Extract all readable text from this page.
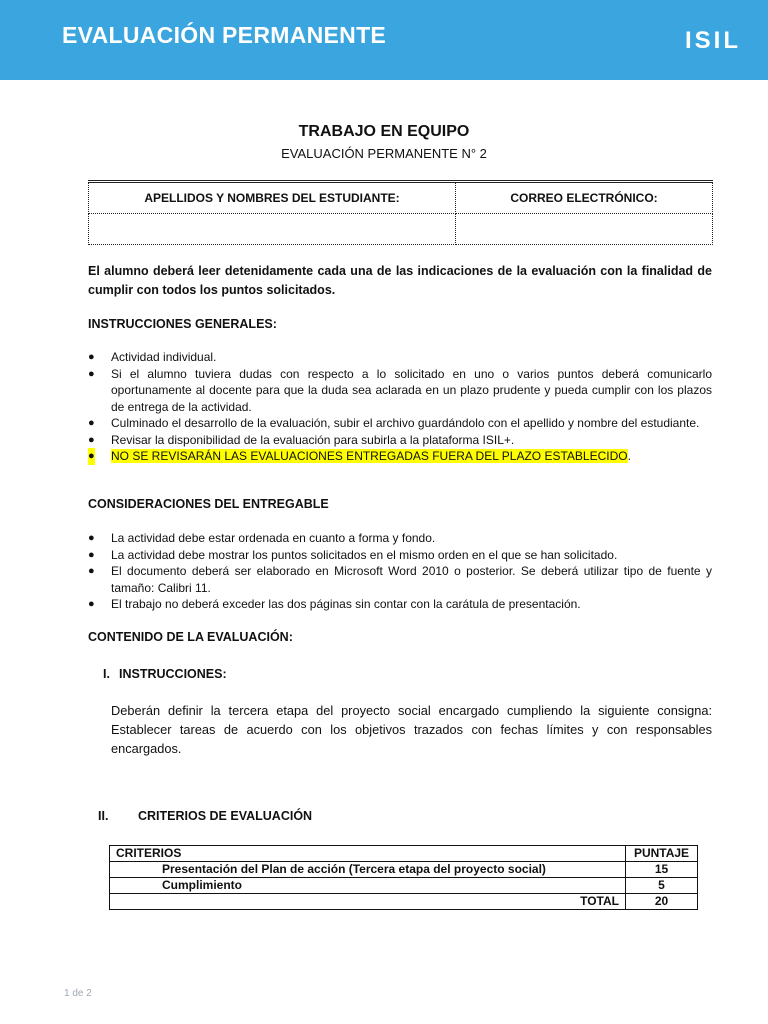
EVALUACIÓN PERMANENTE	ISIL
TRABAJO EN EQUIPO
EVALUACIÓN PERMANENTE N° 2
APELLIDOS Y NOMBRES DEL ESTUDIANTE:	CORREO ELECTRÓNICO:

El alumno deberá leer detenidamente cada una de las indicaciones de la evaluación con la finalidad de cumplir con todos los puntos solicitados.
INSTRUCCIONES GENERALES:
● Actividad individual.
● Si el alumno tuviera dudas con respecto a lo solicitado en uno o varios puntos deberá comunicarlo oportunamente al docente para que la duda sea aclarada en un plazo prudente y pueda cumplir con los plazos de entrega de la actividad.
● Culminado el desarrollo de la evaluación, subir el archivo guardándolo con el apellido y nombre del estudiante.
● Revisar la disponibilidad de la evaluación para subirla a la plataforma ISIL+.
● NO SE REVISARÁN LAS EVALUACIONES ENTREGADAS FUERA DEL PLAZO ESTABLECIDO.
CONSIDERACIONES DEL ENTREGABLE
● La actividad debe estar ordenada en cuanto a forma y fondo.
● La actividad debe mostrar los puntos solicitados en el mismo orden en el que se han solicitado.
● El documento deberá ser elaborado en Microsoft Word 2010 o posterior. Se deberá utilizar tipo de fuente y tamaño: Calibri 11.
● El trabajo no deberá exceder las dos páginas sin contar con la carátula de presentación.
CONTENIDO DE LA EVALUACIÓN:
I. INSTRUCCIONES:
Deberán definir la tercera etapa del proyecto social encargado cumpliendo la siguiente consigna: Establecer tareas de acuerdo con los objetivos trazados con fechas límites y con responsables encargados.
II. CRITERIOS DE EVALUACIÓN
CRITERIOS	PUNTAJE
Presentación del Plan de acción (Tercera etapa del proyecto social)	15
Cumplimiento	5
TOTAL	20
1 de 2
